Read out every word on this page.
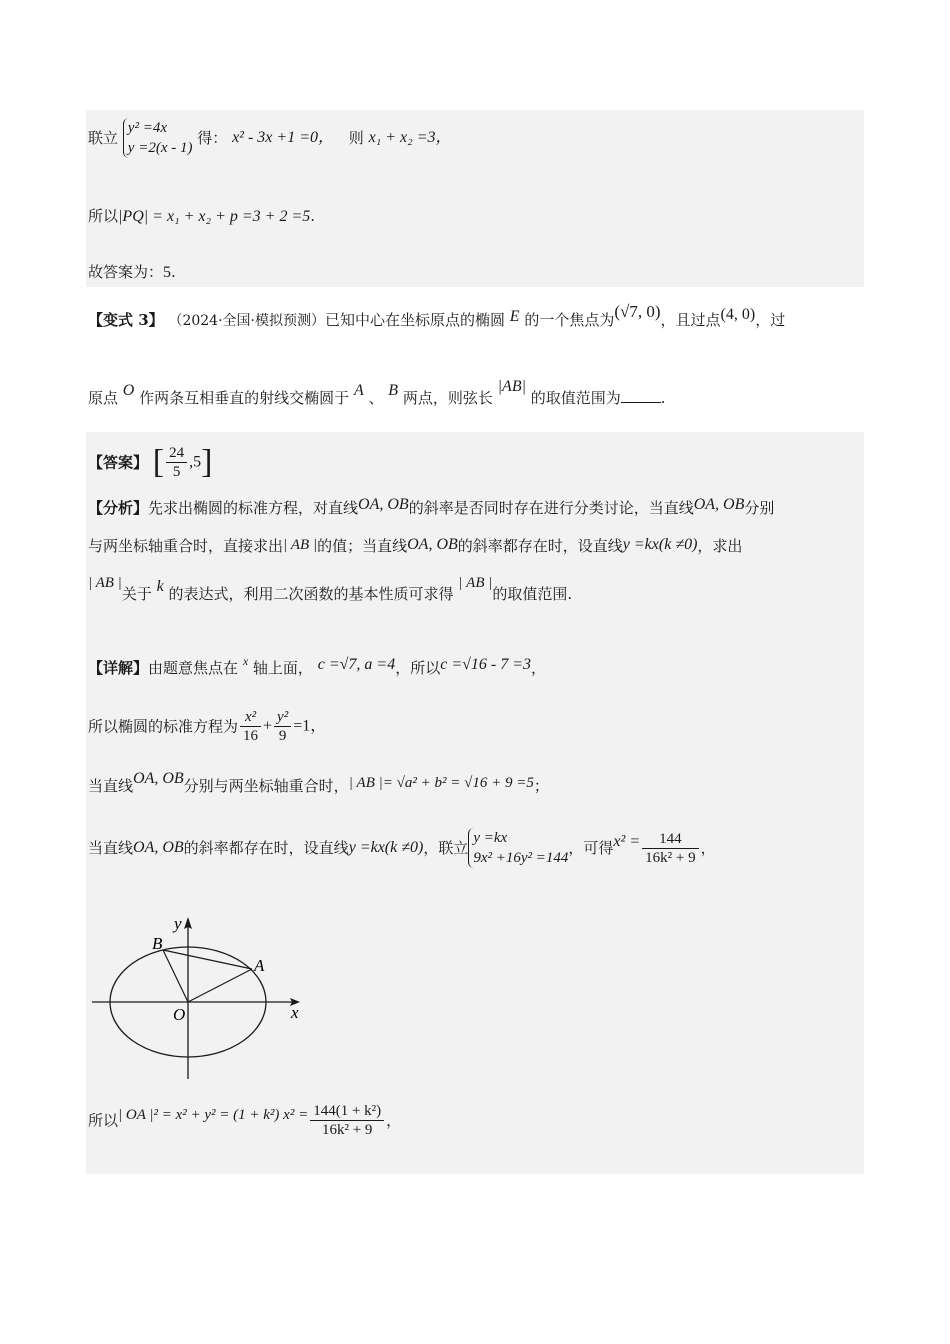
联立 y² =4x
y =2(x - 1) 得： x² - 3x +1 =0， 则 x₁ + x₂ =3，
所以|PQ| = x₁ + x₂ + p =3 + 2 =5.
故答案为：5.
【变式 3】 （2024·全国·模拟预测）已知中心在坐标原点的椭圆 E 的一个焦点为(√7, 0)，且过点(4, 0)，过
原点 O 作两条互相垂直的射线交椭圆于 A 、 B 两点，则弦长 |AB| 的取值范围为	.
【答案】 [ $\frac{24}{5} ,5$]
【分析】先求出椭圆的标准方程，对直线OA, OB的斜率是否同时存在进行分类讨论，当直线OA, OB分别
与两坐标轴重合时，直接求出| AB |的值；当直线OA, OB的斜率都存在时，设直线y =kx(k ≠0)，求出
| AB |关于 k 的表达式，利用二次函数的基本性质可求得 | AB |的取值范围.
【详解】由题意焦点在 $^x$ 轴上面， c =√7, a =4，所以c =√16 - 7 =3，
所以椭圆的标准方程为 $\frac{\text{x²}}{16} + \frac{\text{y²}}{9} =1$，
当直线OA, OB分别与两坐标轴重合时，| AB |= √a² + b² = √16 + 9 =5；
当直线OA, OB的斜率都存在时，设直线y =kx(k ≠0)，联立y =kx
9x² +16y² =144，可得$x^2 = \frac{144}{\text{16k² + 9}}$ ，
y
x
O
A
B
所以| OA |² = x² + y² = (1 + k²) $x^2 = \frac{\text{144(1 + k²)}}{\text{16k² + 9}}$ ，
